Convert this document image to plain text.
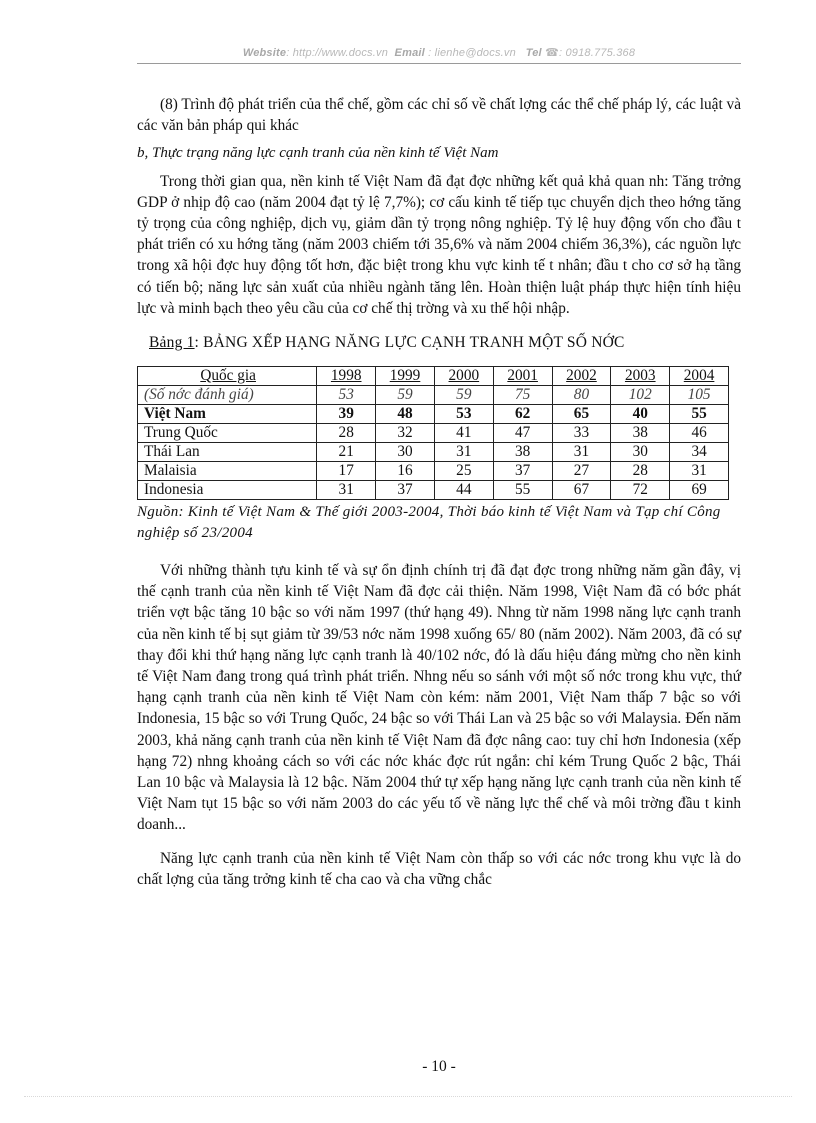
Website: http://www.docs.vn Email : lienhe@docs.vn Tel ☎: 0918.775.368

(8) Trình độ phát triển của thể chế, gồm các chỉ số về chất lợng các thể chế pháp lý, các luật và các văn bản pháp qui khác

b, Thực trạng năng lực cạnh tranh của nền kinh tế Việt Nam

Trong thời gian qua, nền kinh tế Việt Nam đã đạt đợc những kết quả khả quan nh: Tăng trởng GDP ở nhịp độ cao (năm 2004 đạt tỷ lệ 7,7%); cơ cấu kinh tế tiếp tục chuyển dịch theo hớng tăng tỷ trọng của công nghiệp, dịch vụ, giảm dần tỷ trọng nông nghiệp. Tỷ lệ huy động vốn cho đầu t phát triển có xu hớng tăng (năm 2003 chiếm tới 35,6% và năm 2004 chiếm 36,3%), các nguồn lực trong xã hội đợc huy động tốt hơn, đặc biệt trong khu vực kinh tế t nhân; đầu t cho cơ sở hạ tầng có tiến bộ; năng lực sản xuất của nhiều ngành tăng lên. Hoàn thiện luật pháp thực hiện tính hiệu lực và minh bạch theo yêu cầu của cơ chế thị trờng và xu thế hội nhập.

Bảng 1: BẢNG XẾP HẠNG NĂNG LỰC CẠNH TRANH MỘT SỐ NỚC

Quốc gia	1998	1999	2000	2001	2002	2003	2004
(Số nớc đánh giá)	53	59	59	75	80	102	105
Việt Nam	39	48	53	62	65	40	55
Trung Quốc	28	32	41	47	33	38	46
Thái Lan	21	30	31	38	31	30	34
Malaisia	17	16	25	37	27	28	31
Indonesia	31	37	44	55	67	72	69

Nguồn: Kinh tế Việt Nam & Thế giới 2003-2004, Thời báo kinh tế Việt Nam và Tạp chí Công nghiệp số 23/2004

Với những thành tựu kinh tế và sự ổn định chính trị đã đạt đợc trong những năm gần đây, vị thế cạnh tranh của nền kinh tế Việt Nam đã đợc cải thiện. Năm 1998, Việt Nam đã có bớc phát triển vợt bậc tăng 10 bậc so với năm 1997 (thứ hạng 49). Nhng từ năm 1998 năng lực cạnh tranh của nền kinh tế bị sụt giảm từ 39/53 nớc năm 1998 xuống 65/ 80 (năm 2002). Năm 2003, đã có sự thay đổi khi thứ hạng năng lực cạnh tranh là 40/102 nớc, đó là dấu hiệu đáng mừng cho nền kinh tế Việt Nam đang trong quá trình phát triển. Nhng nếu so sánh với một số nớc trong khu vực, thứ hạng cạnh tranh của nền kinh tế Việt Nam còn kém: năm 2001, Việt Nam thấp 7 bậc so với Indonesia, 15 bậc so với Trung Quốc, 24 bậc so với Thái Lan và 25 bậc so với Malaysia. Đến năm 2003, khả năng cạnh tranh của nền kinh tế Việt Nam đã đợc nâng cao: tuy chỉ hơn Indonesia (xếp hạng 72) nhng khoảng cách so với các nớc khác đợc rút ngắn: chỉ kém Trung Quốc 2 bậc, Thái Lan 10 bậc và Malaysia là 12 bậc. Năm 2004 thứ tự xếp hạng năng lực cạnh tranh của nền kinh tế Việt Nam tụt 15 bậc so với năm 2003 do các yếu tố về năng lực thể chế và môi trờng đầu t kinh doanh...

Năng lực cạnh tranh của nền kinh tế Việt Nam còn thấp so với các nớc trong khu vực là do chất lợng của tăng trởng kinh tế cha cao và cha vững chắc

- 10 -
